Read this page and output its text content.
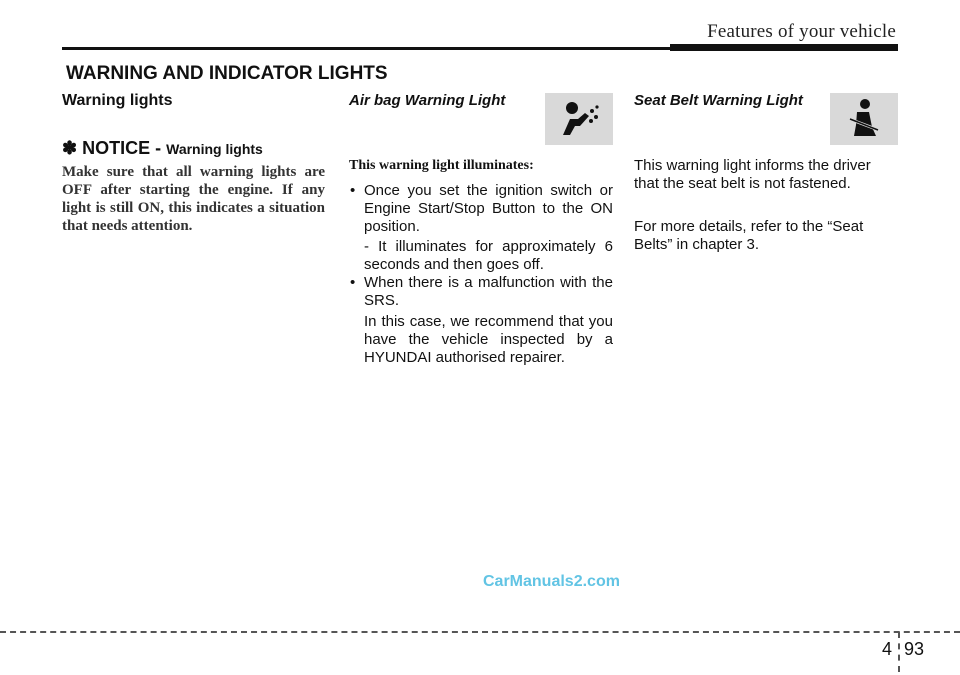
Features of your vehicle
WARNING AND INDICATOR LIGHTS
Warning lights
✽ NOTICE - Warning lights
Make sure that all warning lights are OFF after starting the engine. If any light is still ON, this indicates a situation that needs attention.
Air bag Warning Light
This warning light illuminates:
• Once you set the ignition switch or Engine Start/Stop Button to the ON position.
- It illuminates for approximately 6 seconds and then goes off.
• When there is a malfunction with the SRS.
In this case, we recommend that you have the vehicle inspected by a HYUNDAI authorised repairer.
Seat Belt Warning Light
This warning light informs the driver that the seat belt is not fastened.
For more details, refer to the “Seat Belts” in chapter 3.
CarManuals2.com
4 93
